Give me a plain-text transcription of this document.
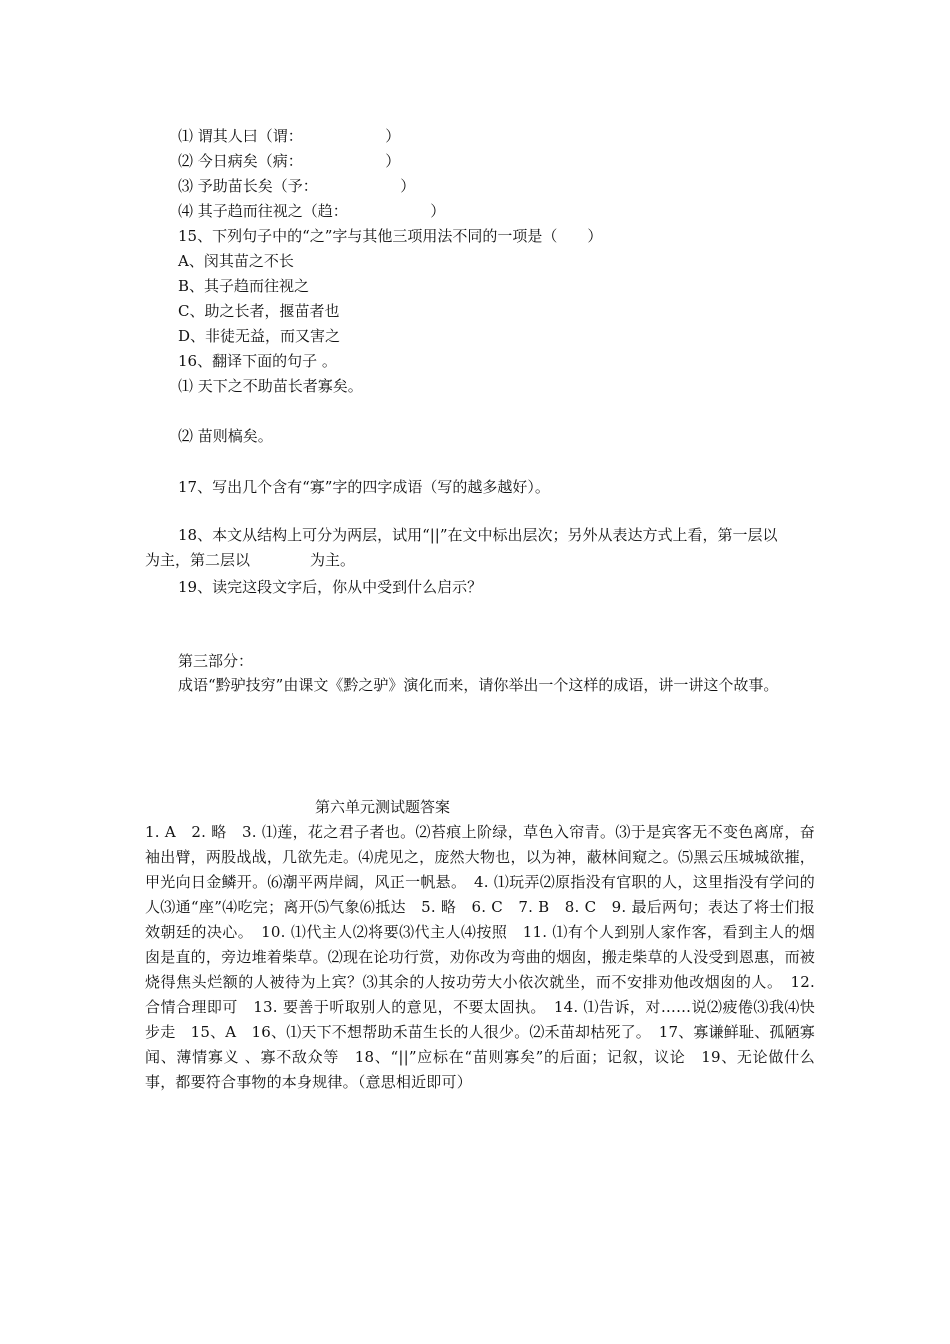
⑴ 谓其人曰（谓：　　　　　　）
⑵ 今日病矣（病：　　　　　　）
⑶ 予助苗长矣（予：　　　　　　）
⑷ 其子趋而往视之（趋：　　　　　　）
15、下列句子中的“之”字与其他三项用法不同的一项是（　　）
A、闵其苗之不长
B、其子趋而往视之
C、助之长者，揠苗者也
D、非徒无益，而又害之
16、翻译下面的句子 。
⑴ 天下之不助苗长者寡矣。
⑵ 苗则槁矣。
17、写出几个含有“寡”字的四字成语（写的越多越好）。
18、本文从结构上可分为两层，试用“||”在文中标出层次；另外从表达方式上看，第一层以　　　　为主，第二层以　　　　为主。
19、读完这段文字后，你从中受到什么启示？
第三部分：
成语“黔驴技穷”由课文《黔之驴》演化而来，请你举出一个这样的成语，讲一讲这个故事。
第六单元测试题答案
1. A　2. 略　3. ⑴莲，花之君子者也。⑵苔痕上阶绿，草色入帘青。⑶于是宾客无不变色离席，奋袖出臂，两股战战，几欲先走。⑷虎见之，庞然大物也，以为神，蔽林间窥之。⑸黑云压城城欲摧，甲光向日金鳞开。⑹潮平两岸阔，风正一帆悬。　4. ⑴玩弄⑵原指没有官职的人，这里指没有学问的人⑶通“座”⑷吃完；离开⑸气象⑹抵达　5. 略　6. C　7. B　8. C　9. 最后两句；表达了将士们报效朝廷的决心。　10. ⑴代主人⑵将要⑶代主人⑷按照　11. ⑴有个人到别人家作客，看到主人的烟囱是直的，旁边堆着柴草。⑵现在论功行赏，劝你改为弯曲的烟囱，搬走柴草的人没受到恩惠，而被烧得焦头烂额的人被待为上宾？⑶其余的人按功劳大小依次就坐，而不安排劝他改烟囱的人。　12. 合情合理即可　13. 要善于听取别人的意见，不要太固执。　14. ⑴告诉，对……说⑵疲倦⑶我⑷快步走　15、A　16、⑴天下不想帮助禾苗生长的人很少。⑵禾苗却枯死了。　17、寡谦鲜耻、孤陋寡闻、薄情寡义 、寡不敌众等　18、“||”应标在“苗则寡矣”的后面；记叙，议论　19、无论做什么事，都要符合事物的本身规律。（意思相近即可）
